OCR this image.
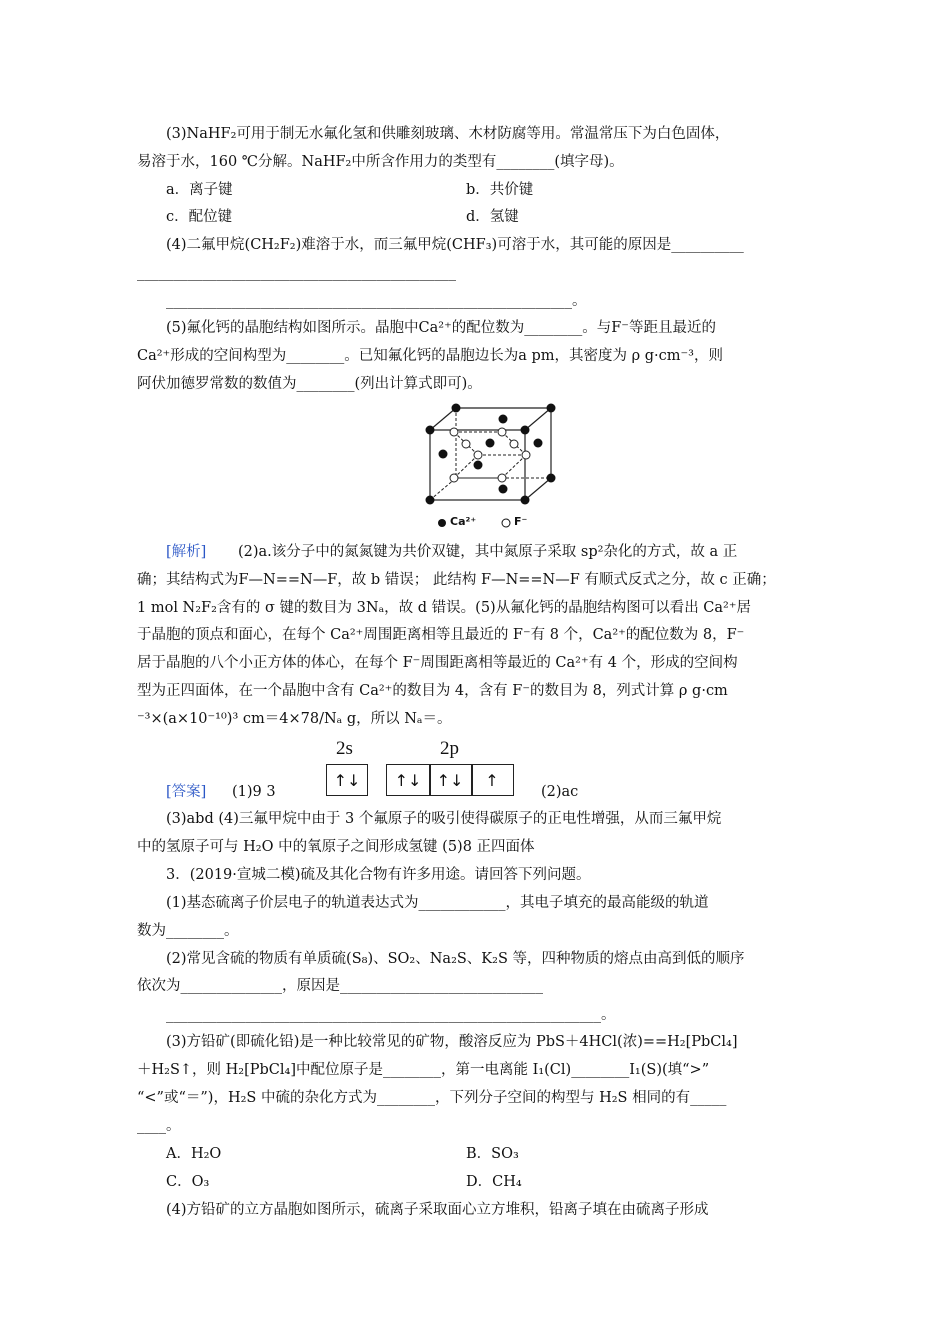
(3)NaHF₂可用于制无水氟化氢和供雕刻玻璃、木材防腐等用。常温常压下为白色固体，
易溶于水，160 ℃分解。NaHF₂中所含作用力的类型有________(填字母)。
a．离子键	b．共价键
c．配位键	d．氢键
(4)二氟甲烷(CH₂F₂)难溶于水，而三氟甲烷(CHF₃)可溶于水，其可能的原因是__________
____________________________________________
________________________________________________________。
(5)氟化钙的晶胞结构如图所示。晶胞中Ca²⁺的配位数为________。与F⁻等距且最近的
Ca²⁺形成的空间构型为________。已知氟化钙的晶胞边长为a pm，其密度为 ρ g·cm⁻³，则
阿伏加德罗常数的数值为________(列出计算式即可)。
Ca²⁺	F⁻
[解析] (2)a.该分子中的氮氮键为共价双键，其中氮原子采取 sp²杂化的方式，故 a 正
确；其结构式为F—N==N—F，故 b 错误； 此结构 F—N==N—F 有顺式反式之分，故 c 正确；
1 mol N₂F₂含有的 σ 键的数目为 3Nₐ，故 d 错误。(5)从氟化钙的晶胞结构图可以看出 Ca²⁺居
于晶胞的顶点和面心，在每个 Ca²⁺周围距离相等且最近的 F⁻有 8 个，Ca²⁺的配位数为 8，F⁻
居于晶胞的八个小正方体的体心，在每个 F⁻周围距离相等最近的 Ca²⁺有 4 个，形成的空间构
型为正四面体，在一个晶胞中含有 Ca²⁺的数目为 4，含有 F⁻的数目为 8，列式计算 ρ g·cm
⁻³×(a×10⁻¹⁰)³ cm＝4×78/Nₐ g，所以 Nₐ＝。
[答案] (1)9 3
2s	2p
↑↓	↑↓ ↑↓	↑
(2)ac
(3)abd (4)三氟甲烷中由于 3 个氟原子的吸引使得碳原子的正电性增强，从而三氟甲烷
中的氢原子可与 H₂O 中的氧原子之间形成氢键 (5)8 正四面体
3．(2019·宣城二模)硫及其化合物有许多用途。请回答下列问题。
(1)基态硫离子价层电子的轨道表达式为____________，其电子填充的最高能级的轨道
数为________。
(2)常见含硫的物质有单质硫(S₈)、SO₂、Na₂S、K₂S 等，四种物质的熔点由高到低的顺序
依次为______________，原因是____________________________
____________________________________________________________。
(3)方铅矿(即硫化铅)是一种比较常见的矿物，酸溶反应为 PbS＋4HCl(浓)==H₂[PbCl₄]
＋H₂S↑，则 H₂[PbCl₄]中配位原子是________，第一电离能 I₁(Cl)________I₁(S)(填“>”
“<”或“＝”)，H₂S 中硫的杂化方式为________，下列分子空间的构型与 H₂S 相同的有_____
____。
A．H₂O	B．SO₃
C．O₃	D．CH₄
(4)方铅矿的立方晶胞如图所示，硫离子采取面心立方堆积，铅离子填在由硫离子形成
